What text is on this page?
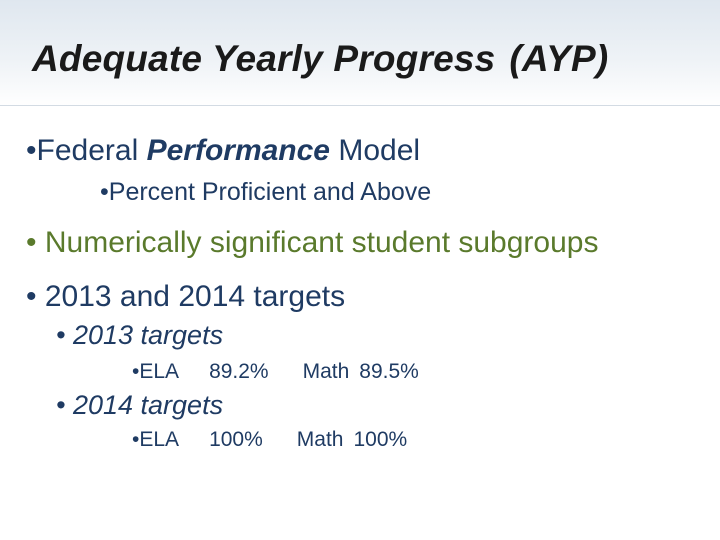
Adequate Yearly Progress (AYP)
•Federal Performance Model
•Percent Proficient and Above
• Numerically significant student subgroups
• 2013 and 2014 targets
• 2013 targets
•ELA 89.2% Math 89.5%
• 2014 targets
•ELA 100% Math 100%
